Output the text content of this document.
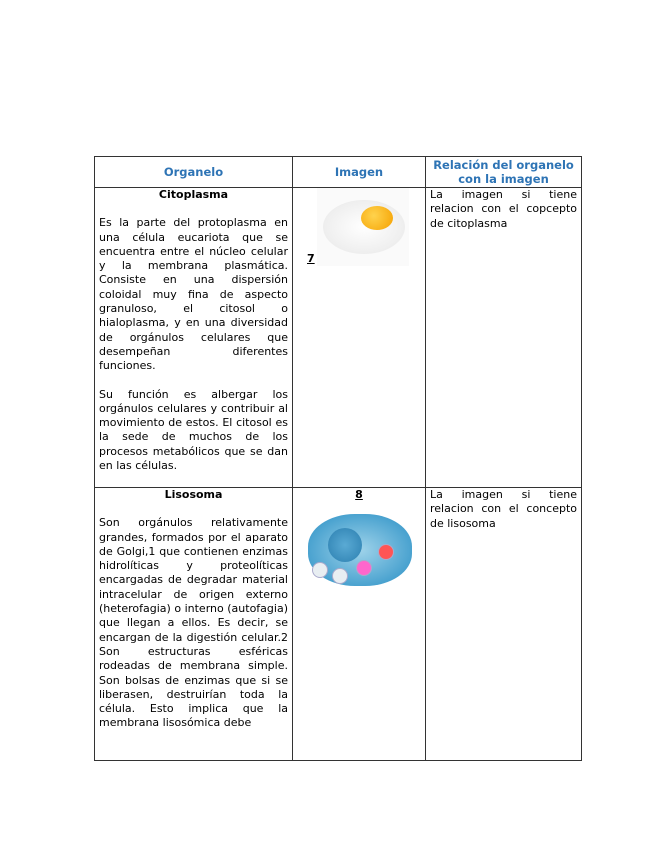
Organelo	Imagen	Relación del organelo con la imagen

Citoplasma

Es la parte del protoplasma en una célula eucariota que se encuentra entre el núcleo celular y la membrana plasmática. Consiste en una dispersión coloidal muy fina de aspecto granuloso, el citosol o hialoplasma, y en una diversidad de orgánulos celulares que desempeñan diferentes funciones.

Su función es albergar los orgánulos celulares y contribuir al movimiento de estos. El citosol es la sede de muchos de los procesos metabólicos que se dan en las células.	7	La imagen si tiene relacion con el copcepto de citoplasma

Lisosoma

Son orgánulos relativamente grandes, formados por el aparato de Golgi,1 que contienen enzimas hidrolíticas y proteolíticas encargadas de degradar material intracelular de origen externo (heterofagia) o interno (autofagia) que llegan a ellos. Es decir, se encargan de la digestión celular.2 Son estructuras esféricas rodeadas de membrana simple. Son bolsas de enzimas que si se liberasen, destruirían toda la célula. Esto implica que la membrana lisosómica debe	8	La imagen si tiene relacion con el concepto de lisosoma
